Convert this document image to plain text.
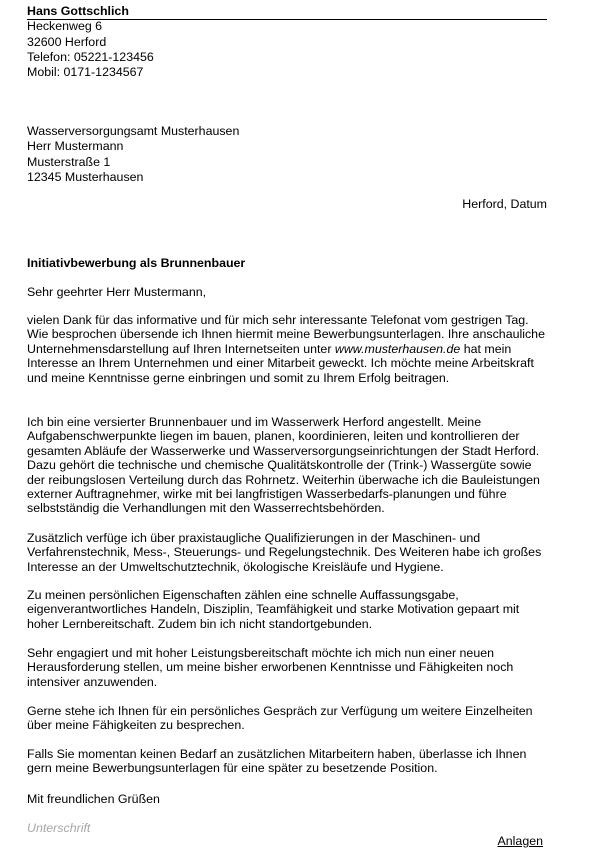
Hans Gottschlich
Heckenweg 6
32600 Herford
Telefon: 05221-123456
Mobil: 0171-1234567
Wasserversorgungsamt Musterhausen
Herr Mustermann
Musterstraße 1
12345 Musterhausen
Herford, Datum
Initiativbewerbung als Brunnenbauer
Sehr geehrter Herr Mustermann,

vielen Dank für das informative und für mich sehr interessante Telefonat vom gestrigen Tag. Wie besprochen übersende ich Ihnen hiermit meine Bewerbungsunterlagen. Ihre anschauliche Unternehmensdarstellung auf Ihren Internetseiten unter www.musterhausen.de hat mein Interesse an Ihrem Unternehmen und einer Mitarbeit geweckt. Ich möchte meine Arbeitskraft und meine Kenntnisse gerne einbringen und somit zu Ihrem Erfolg beitragen.

Ich bin eine versierter Brunnenbauer und im Wasserwerk Herford angestellt. Meine Aufgabenschwerpunkte liegen im bauen, planen, koordinieren, leiten und kontrollieren der gesamten Abläufe der Wasserwerke und Wasserversorgungseinrichtungen der Stadt Herford. Dazu gehört die technische und chemische Qualitätskontrolle der (Trink-) Wassergüte sowie der reibungslosen Verteilung durch das Rohrnetz. Weiterhin überwache ich die Bauleistungen externer Auftragnehmer, wirke mit bei langfristigen Wasserbedarfs-planungen und führe selbstständig die Verhandlungen mit den Wasserrechtsbehörden.

Zusätzlich verfüge ich über praxistaugliche Qualifizierungen in der Maschinen- und Verfahrenstechnik, Mess-, Steuerungs- und Regelungstechnik. Des Weiteren habe ich großes Interesse an der Umweltschutztechnik, ökologische Kreisläufe und Hygiene.

Zu meinen persönlichen Eigenschaften zählen eine schnelle Auffassungsgabe, eigenverantwortliches Handeln, Disziplin, Teamfähigkeit und starke Motivation gepaart mit hoher Lernbereitschaft. Zudem bin ich nicht standortgebunden.

Sehr engagiert und mit hoher Leistungsbereitschaft möchte ich mich nun einer neuen Herausforderung stellen, um meine bisher erworbenen Kenntnisse und Fähigkeiten noch intensiver anzuwenden.

Gerne stehe ich Ihnen für ein persönliches Gespräch zur Verfügung um weitere Einzelheiten über meine Fähigkeiten zu besprechen.

Falls Sie momentan keinen Bedarf an zusätzlichen Mitarbeitern haben, überlasse ich Ihnen gern meine Bewerbungsunterlagen für eine später zu besetzende Position.

Mit freundlichen Grüßen
Unterschrift
Anlagen
